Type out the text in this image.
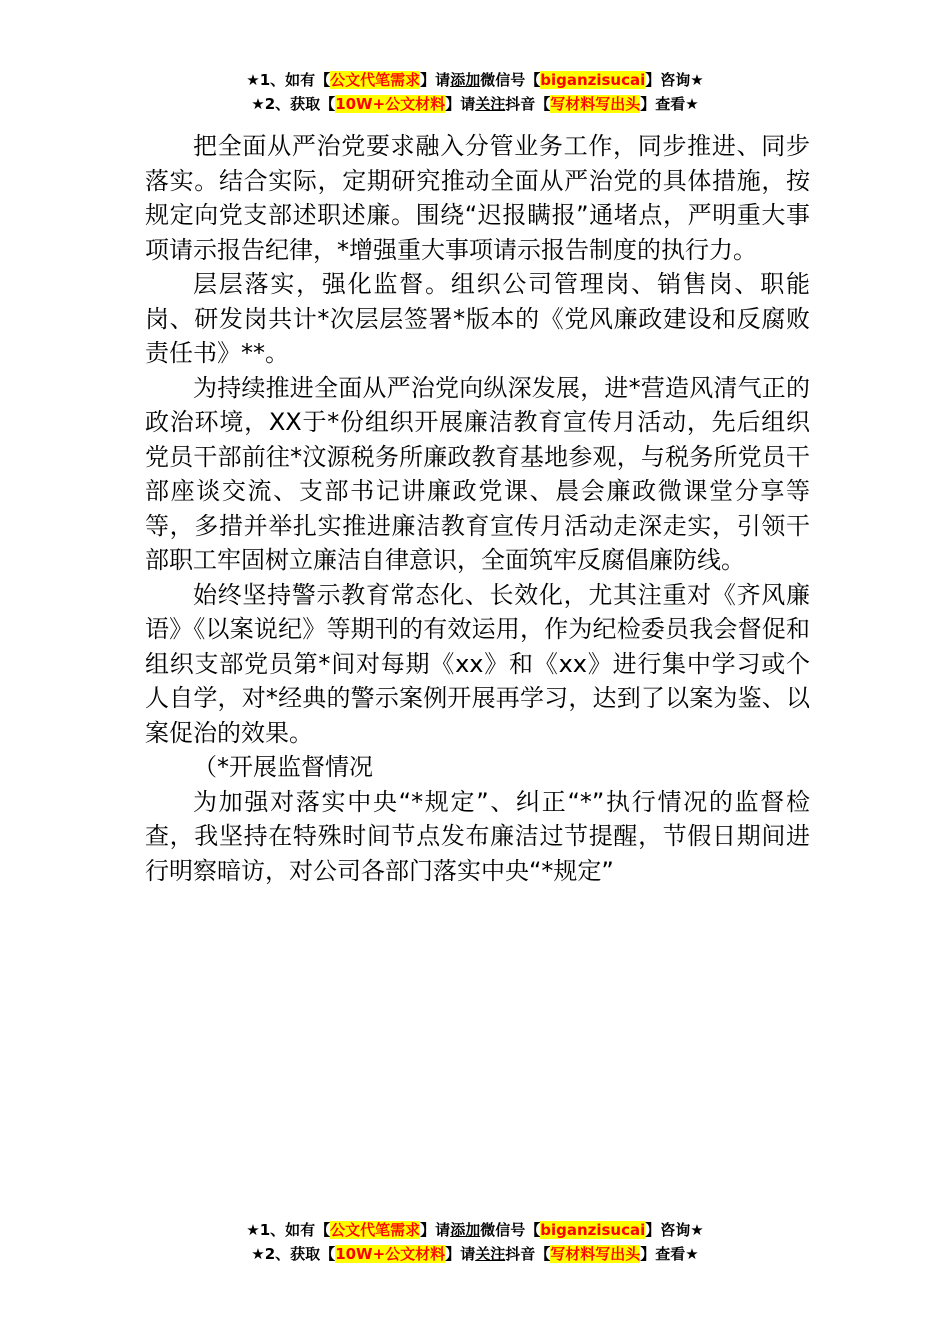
★1、如有【公文代笔需求】请添加微信号【biganzisucai】咨询★
★2、获取【10W+公文材料】请关注抖音【写材料写出头】查看★

把全面从严治党要求融入分管业务工作，同步推进、同步落实。结合实际，定期研究推动全面从严治党的具体措施，按规定向党支部述职述廉。围绕“迟报瞒报”通堵点，严明重大事项请示报告纪律，*增强重大事项请示报告制度的执行力。

层层落实，强化监督。组织公司管理岗、销售岗、职能岗、研发岗共计*次层层签署*版本的《党风廉政建设和反腐败责任书》**。

为持续推进全面从严治党向纵深发展，进*营造风清气正的政治环境，XX于*份组织开展廉洁教育宣传月活动，先后组织党员干部前往*汶源税务所廉政教育基地参观，与税务所党员干部座谈交流、支部书记讲廉政党课、晨会廉政微课堂分享等等，多措并举扎实推进廉洁教育宣传月活动走深走实，引领干部职工牢固树立廉洁自律意识，全面筑牢反腐倡廉防线。

始终坚持警示教育常态化、长效化，尤其注重对《齐风廉语》《以案说纪》等期刊的有效运用，作为纪检委员我会督促和组织支部党员第*间对每期《xx》和《xx》进行集中学习或个人自学，对*经典的警示案例开展再学习，达到了以案为鉴、以案促治的效果。

（*开展监督情况

为加强对落实中央“*规定”、纠正“*”执行情况的监督检查，我坚持在特殊时间节点发布廉洁过节提醒，节假日期间进行明察暗访，对公司各部门落实中央“*规定”

★1、如有【公文代笔需求】请添加微信号【biganzisucai】咨询★
★2、获取【10W+公文材料】请关注抖音【写材料写出头】查看★
